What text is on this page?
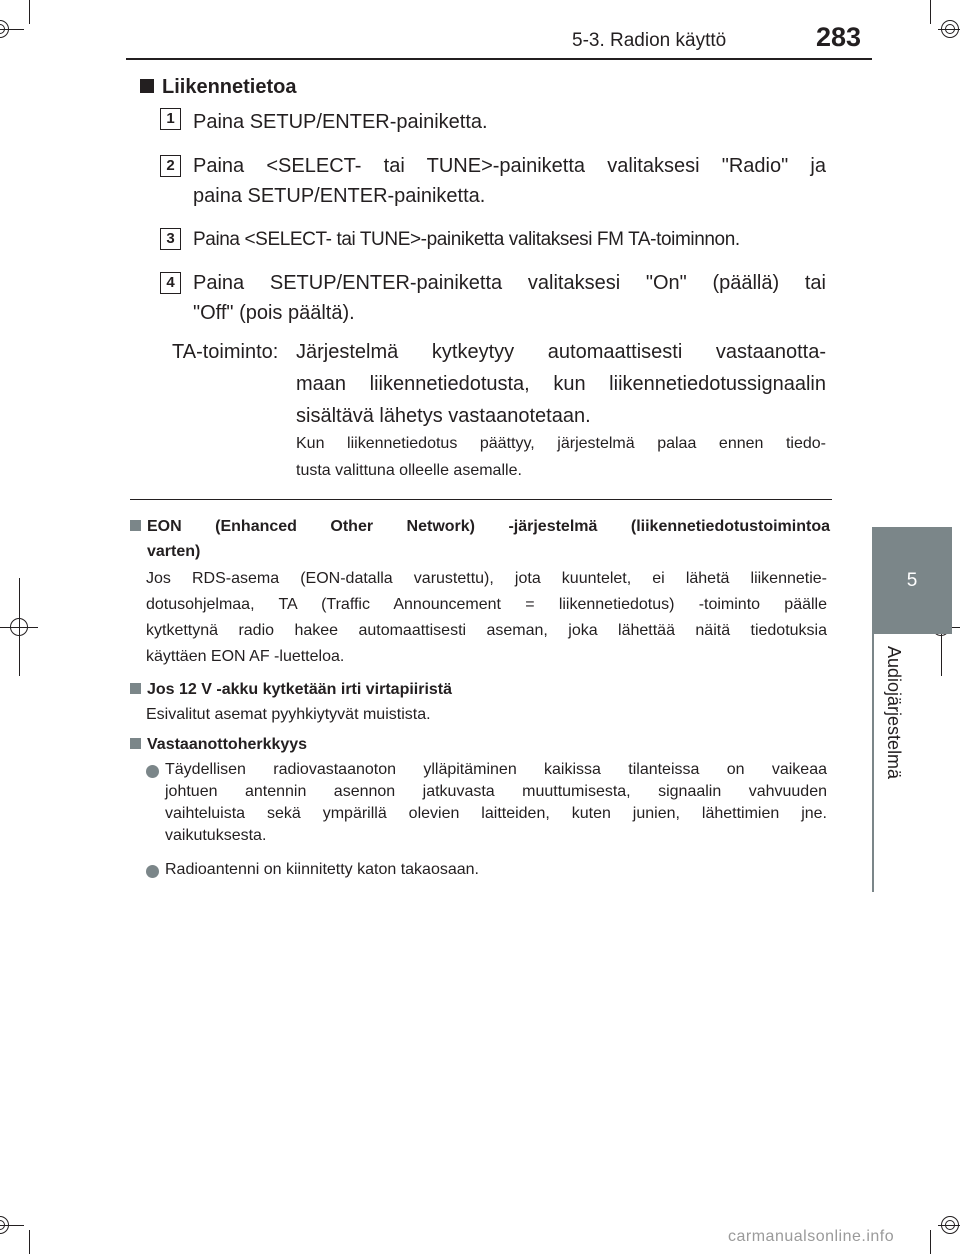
5-3. Radion käyttö	283
5
Audiojärjestelmä
Liikennetietoa
1 Paina SETUP/ENTER-painiketta.
2 Paina <SELECT- tai TUNE>-painiketta valitaksesi "Radio" ja
paina SETUP/ENTER-painiketta.
3 Paina <SELECT- tai TUNE>-painiketta valitaksesi FM TA-toiminnon.
4 Paina SETUP/ENTER-painiketta valitaksesi "On" (päällä) tai
"Off" (pois päältä).
TA-toiminto: Järjestelmä kytkeytyy automaattisesti vastaanotta-
maan liikennetiedotusta, kun liikennetiedotussignaalin
sisältävä lähetys vastaanotetaan.
Kun liikennetiedotus päättyy, järjestelmä palaa ennen tiedo-
tusta valittuna olleelle asemalle.
EON (Enhanced Other Network) -järjestelmä (liikennetiedotustoimintoa
varten)
Jos RDS-asema (EON-datalla varustettu), jota kuuntelet, ei lähetä liikennetie-
dotusohjelmaa, TA (Traffic Announcement = liikennetiedotus) -toiminto päälle
kytkettynä radio hakee automaattisesti aseman, joka lähettää näitä tiedotuksia
käyttäen EON AF -luetteloa.
Jos 12 V -akku kytketään irti virtapiiristä
Esivalitut asemat pyyhkiytyvät muistista.
Vastaanottoherkkyys
Täydellisen radiovastaanoton ylläpitäminen kaikissa tilanteissa on vaikeaa
johtuen antennin asennon jatkuvasta muuttumisesta, signaalin vahvuuden
vaihteluista sekä ympärillä olevien laitteiden, kuten junien, lähettimien jne.
vaikutuksesta.
Radioantenni on kiinnitetty katon takaosaan.
carmanualsonline.info
